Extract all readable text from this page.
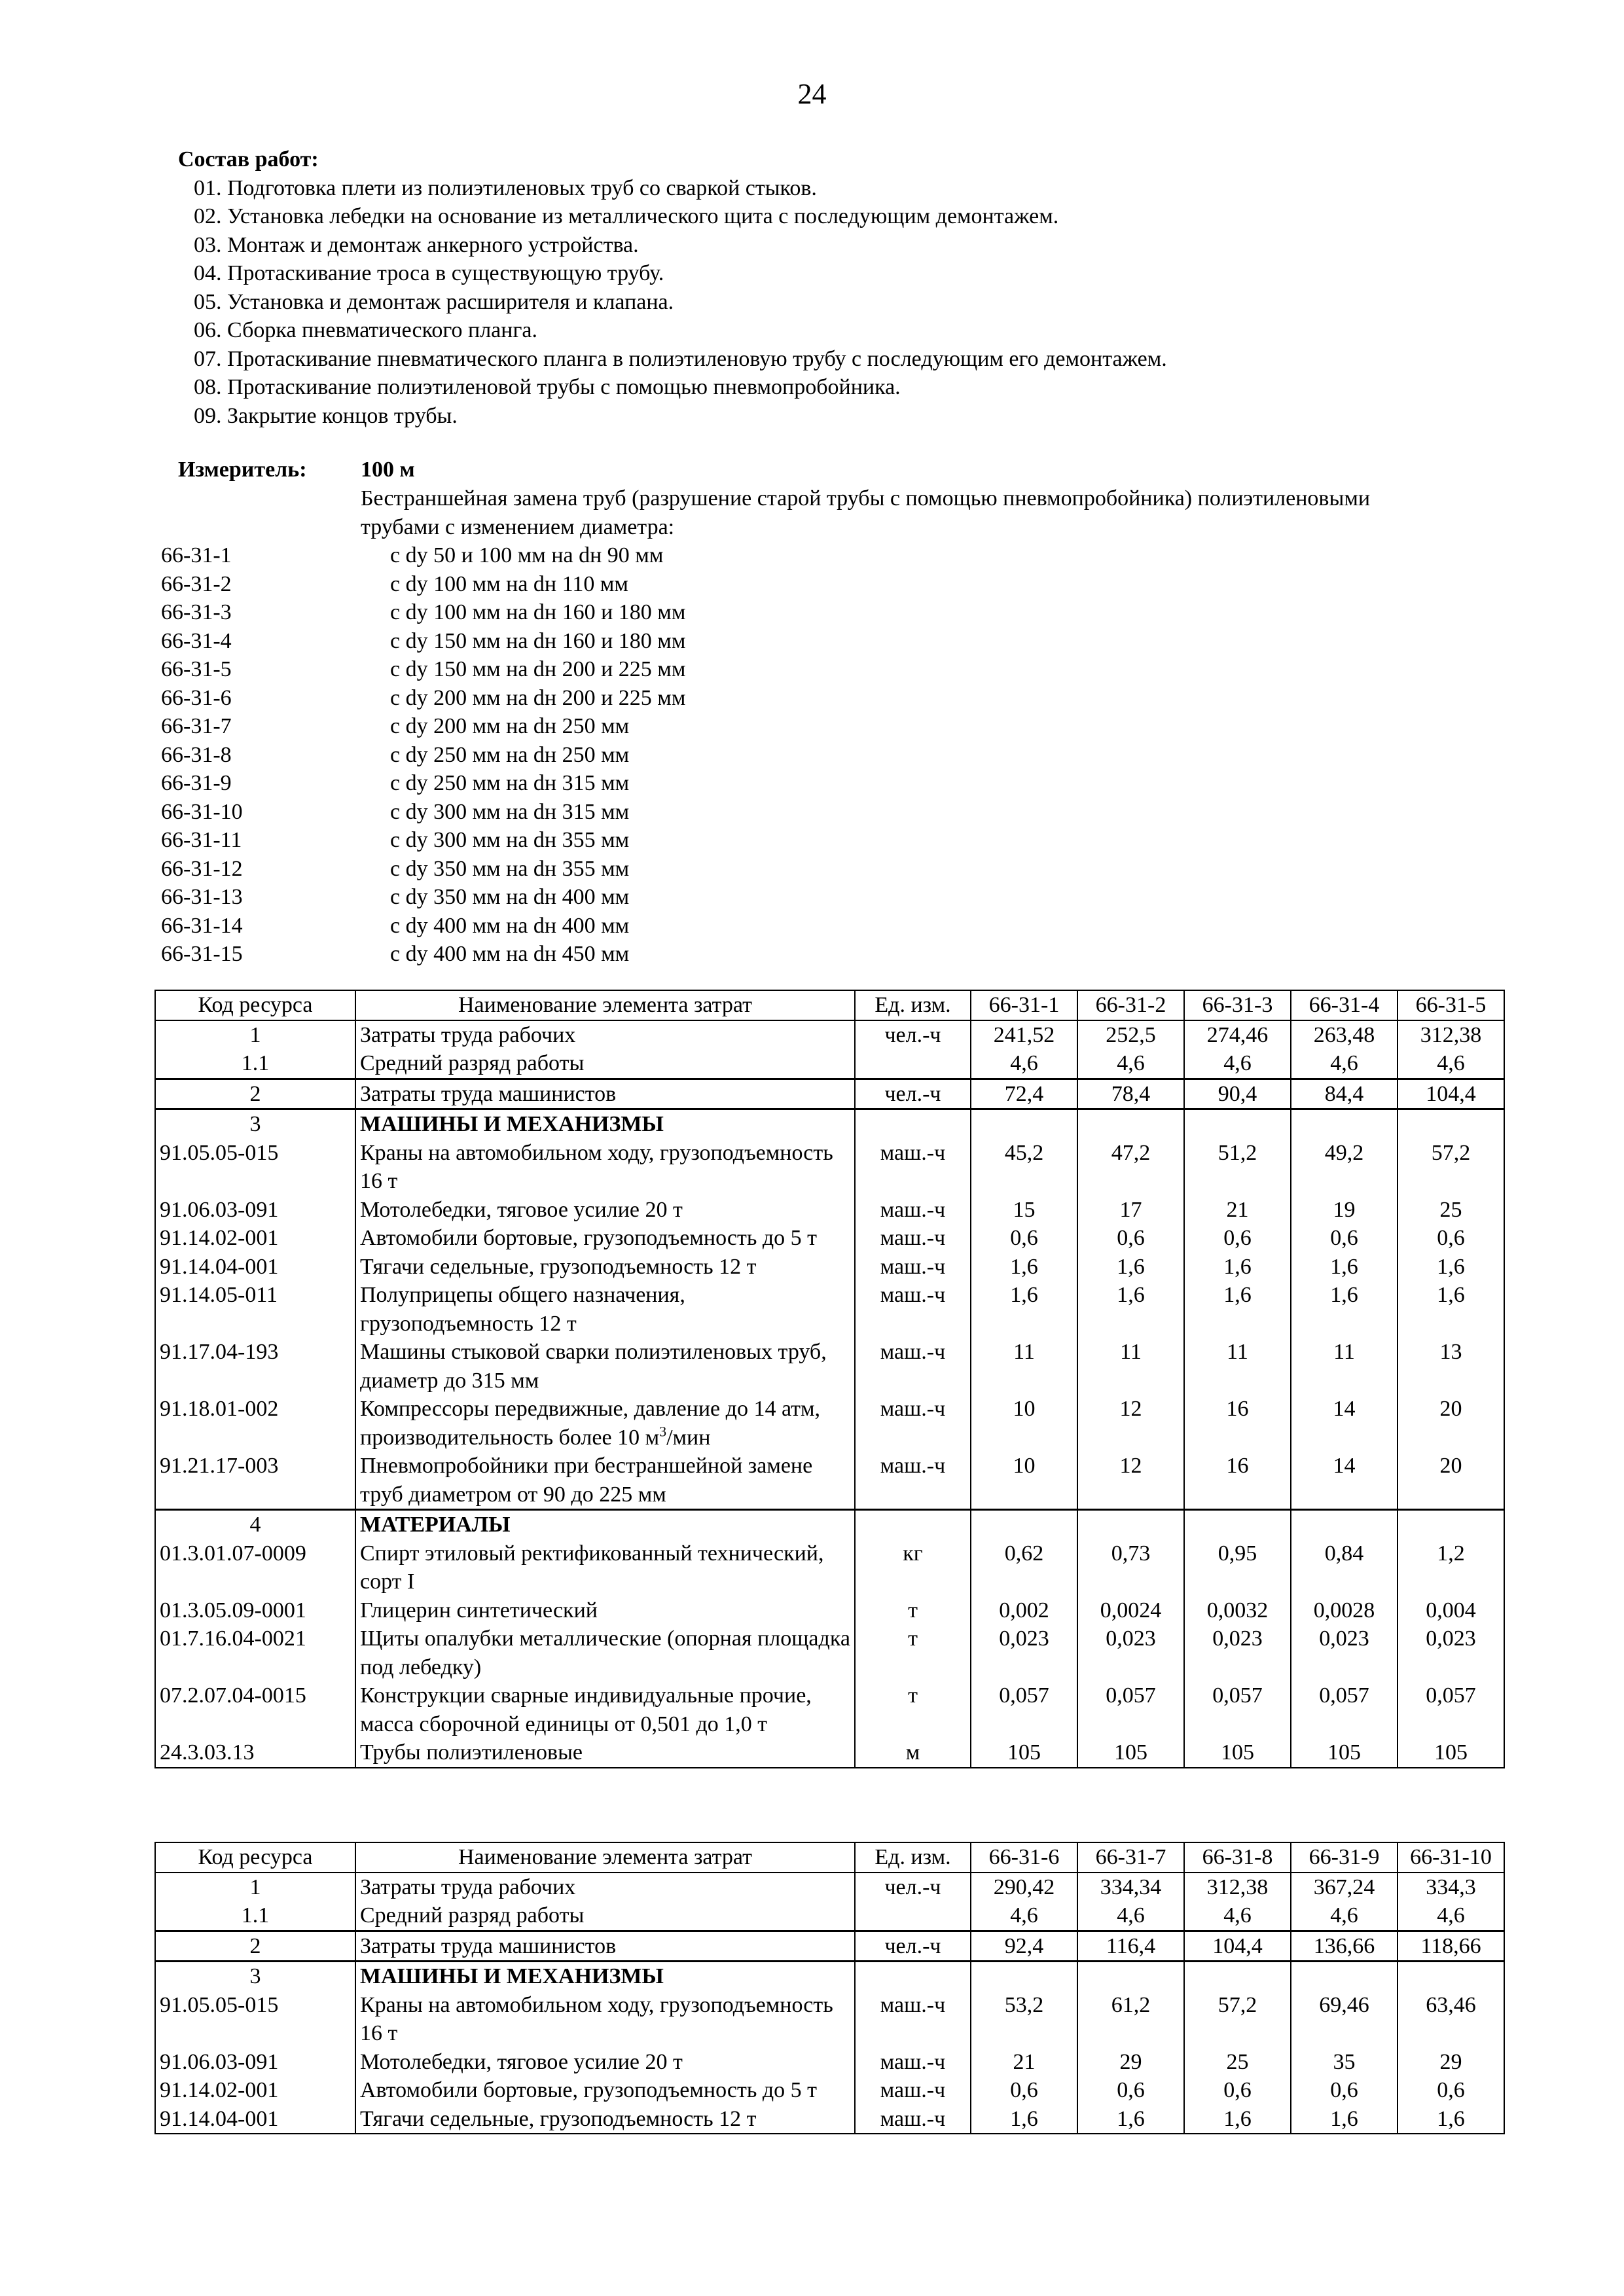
24
Состав работ:
01. Подготовка плети из полиэтиленовых труб со сваркой стыков.
02. Установка лебедки на основание из металлического щита с последующим демонтажем.
03. Монтаж и демонтаж анкерного устройства.
04. Протаскивание троса в существующую трубу.
05. Установка и демонтаж расширителя и клапана.
06. Сборка пневматического планга.
07. Протаскивание пневматического планга в полиэтиленовую трубу с последующим его демонтажем.
08. Протаскивание полиэтиленовой трубы с помощью пневмопробойника.
09. Закрытие концов трубы.
Измеритель: 100 м
Бестраншейная замена труб (разрушение старой трубы с помощью пневмопробойника) полиэтиленовыми
трубами с изменением диаметра:
66-31-1	с dу 50 и 100 мм на dн 90 мм
66-31-2	с dу 100 мм на dн 110 мм
66-31-3	с dу 100 мм на dн 160 и 180 мм
66-31-4	с dу 150 мм на dн 160 и 180 мм
66-31-5	с dу 150 мм на dн 200 и 225 мм
66-31-6	с dу 200 мм на dн 200 и 225 мм
66-31-7	с dу 200 мм на dн 250 мм
66-31-8	с dу 250 мм на dн 250 мм
66-31-9	с dу 250 мм на dн 315 мм
66-31-10	с dу 300 мм на dн 315 мм
66-31-11	с dу 300 мм на dн 355 мм
66-31-12	с dу 350 мм на dн 355 мм
66-31-13	с dу 350 мм на dн 400 мм
66-31-14	с dу 400 мм на dн 400 мм
66-31-15	с dу 400 мм на dн 450 мм
Код ресурса	Наименование элемента затрат	Ед. изм.	66-31-1	66-31-2	66-31-3	66-31-4	66-31-5
1	Затраты труда рабочих	чел.-ч	241,52	252,5	274,46	263,48	312,38
1.1	Средний разряд работы		4,6	4,6	4,6	4,6	4,6
2	Затраты труда машинистов	чел.-ч	72,4	78,4	90,4	84,4	104,4
3	МАШИНЫ И МЕХАНИЗМЫ						
91.05.05-015	Краны на автомобильном ходу, грузоподъемность 16 т	маш.-ч	45,2	47,2	51,2	49,2	57,2
91.06.03-091	Мотолебедки, тяговое усилие 20 т	маш.-ч	15	17	21	19	25
91.14.02-001	Автомобили бортовые, грузоподъемность до 5 т	маш.-ч	0,6	0,6	0,6	0,6	0,6
91.14.04-001	Тягачи седельные, грузоподъемность 12 т	маш.-ч	1,6	1,6	1,6	1,6	1,6
91.14.05-011	Полуприцепы общего назначения, грузоподъемность 12 т	маш.-ч	1,6	1,6	1,6	1,6	1,6
91.17.04-193	Машины стыковой сварки полиэтиленовых труб, диаметр до 315 мм	маш.-ч	11	11	11	11	13
91.18.01-002	Компрессоры передвижные, давление до 14 атм, производительность более 10 $м^3$/мин	маш.-ч	10	12	16	14	20
91.21.17-003	Пневмопробойники при бестраншейной замене труб диаметром от 90 до 225 мм	маш.-ч	10	12	16	14	20
4	МАТЕРИАЛЫ						
01.3.01.07-0009	Спирт этиловый ректификованный технический, сорт I	кг	0,62	0,73	0,95	0,84	1,2
01.3.05.09-0001	Глицерин синтетический	т	0,002	0,0024	0,0032	0,0028	0,004
01.7.16.04-0021	Щиты опалубки металлические (опорная площадка под лебедку)	т	0,023	0,023	0,023	0,023	0,023
07.2.07.04-0015	Конструкции сварные индивидуальные прочие, масса сборочной единицы от 0,501 до 1,0 т	т	0,057	0,057	0,057	0,057	0,057
24.3.03.13	Трубы полиэтиленовые	м	105	105	105	105	105
Код ресурса	Наименование элемента затрат	Ед. изм.	66-31-6	66-31-7	66-31-8	66-31-9	66-31-10
1	Затраты труда рабочих	чел.-ч	290,42	334,34	312,38	367,24	334,3
1.1	Средний разряд работы		4,6	4,6	4,6	4,6	4,6
2	Затраты труда машинистов	чел.-ч	92,4	116,4	104,4	136,66	118,66
3	МАШИНЫ И МЕХАНИЗМЫ						
91.05.05-015	Краны на автомобильном ходу, грузоподъемность 16 т	маш.-ч	53,2	61,2	57,2	69,46	63,46
91.06.03-091	Мотолебедки, тяговое усилие 20 т	маш.-ч	21	29	25	35	29
91.14.02-001	Автомобили бортовые, грузоподъемность до 5 т	маш.-ч	0,6	0,6	0,6	0,6	0,6
91.14.04-001	Тягачи седельные, грузоподъемность 12 т	маш.-ч	1,6	1,6	1,6	1,6	1,6
